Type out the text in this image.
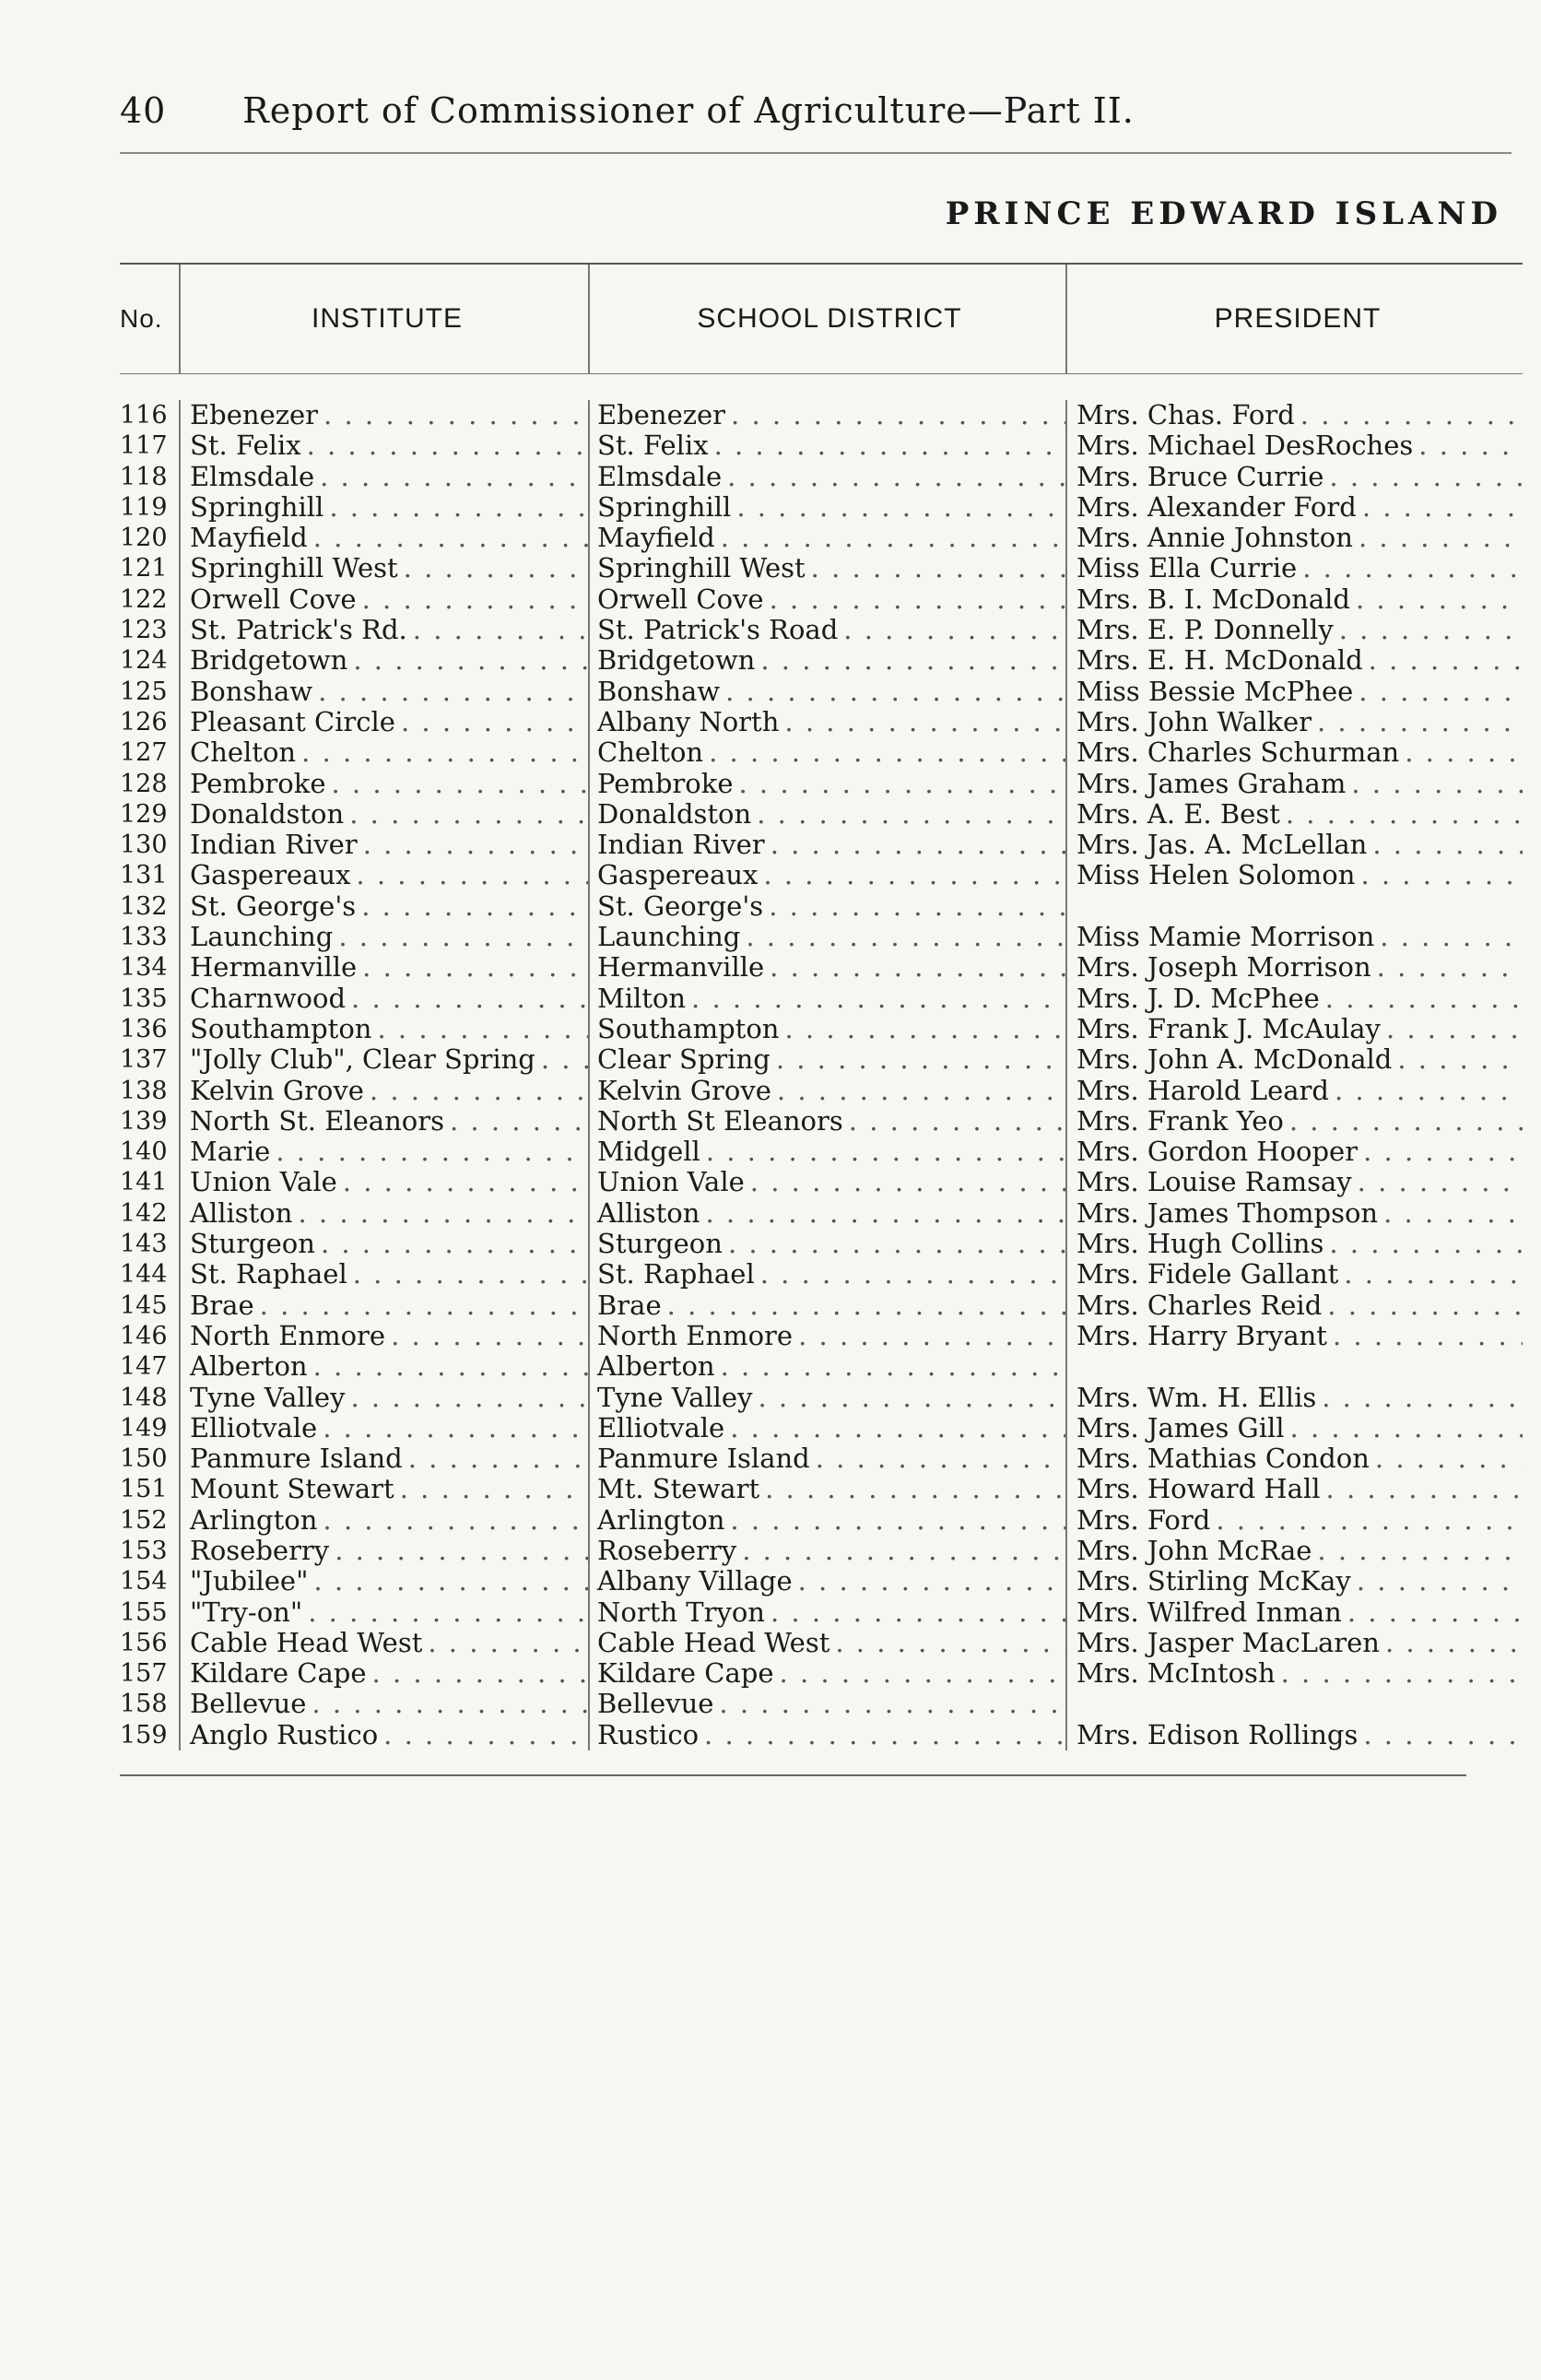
40 Report of Commissioner of Agriculture—Part II.
PRINCE EDWARD ISLAND
No.	INSTITUTE	SCHOOL DISTRICT	PRESIDENT
116 Ebenezer . . .	Ebenezer . . .	Mrs. Chas. Ford
. . .
117 St. Felix . . .	St. Felix . . .	Mrs. Michael DesRoches
. . .
118 Elmsdale . . .	Elmsdale . . .	Mrs. Bruce Currie
. . .
119 Springhill . . .	Springhill . . .	Mrs. Alexander Ford
. . .
120 Mayfield . . .	Mayfield . . .	Mrs. Annie Johnston
. . .
121 Springhill West . . .	Springhill West . . .	Miss Ella Currie
. . .
122 Orwell Cove . . .	Orwell Cove . . .	Mrs. B. I. McDonald
. . .
123 St. Patrick's Rd. . . .	St. Patrick's Road . . .	Mrs. E. P. Donnelly
. . .
124 Bridgetown . . .	Bridgetown . . .	Mrs. E. H. McDonald
. . .
125 Bonshaw . . .	Bonshaw . . .	Miss Bessie McPhee
. . .
126 Pleasant Circle . . .	Albany North . . .	Mrs. John Walker
. . .
127 Chelton . . .	Chelton . . .	Mrs. Charles Schurman
. . .
128 Pembroke . . .	Pembroke . . .	Mrs. James Graham
. . .
129 Donaldston . . .	Donaldston . . .	Mrs. A. E. Best
. . .
130 Indian River . . .	Indian River . . .	Mrs. Jas. A. McLellan
. . .
131 Gaspereaux . . .	Gaspereaux . . .	Miss Helen Solomon
. . .
132 St. George's . . .	St. George's
. . .
133 Launching . . .	Launching . . .	Miss Mamie Morrison
. . .
134 Hermanville . . .	Hermanville . . .	Mrs. Joseph Morrison
. . .
135 Charnwood . . .	Milton . . .	Mrs. J. D. McPhee
. . .
136 Southampton . . .	Southampton . . .	Mrs. Frank J. McAulay
. . .
137 "Jolly Club", Clear Spring . . . Clear Spring . . .	Mrs. John A. McDonald
. . .
138 Kelvin Grove . . .	Kelvin Grove . . .	Mrs. Harold Leard
. . .
139 North St. Eleanors . . .	North St Eleanors . . .	Mrs. Frank Yeo
. . .
140 Marie . . .	Midgell . . .	Mrs. Gordon Hooper
. . .
141 Union Vale . . .	Union Vale . . .	Mrs. Louise Ramsay
. . .
142 Alliston . . .	Alliston . . .	Mrs. James Thompson
. . .
143 Sturgeon . . .	Sturgeon . . .	Mrs. Hugh Collins
. . .
144 St. Raphael . . .	St. Raphael . . .	Mrs. Fidele Gallant
. . .
145 Brae . . .	Brae . . .	Mrs. Charles Reid
. . .
146 North Enmore . . .	North Enmore . . .	Mrs. Harry Bryant
. . .
147 Alberton . . .	Alberton
. . .
148 Tyne Valley . . .	Tyne Valley . . .	Mrs. Wm. H. Ellis
. . .
149 Elliotvale . . .	Elliotvale . . .	Mrs. James Gill
. . .
150 Panmure Island . . .	Panmure Island . . .	Mrs. Mathias Condon
. . .
151 Mount Stewart . . .	Mt. Stewart . . .	Mrs. Howard Hall
. . .
152 Arlington . . .	Arlington . . .	Mrs. Ford
. . .
153 Roseberry . . .	Roseberry . . .	Mrs. John McRae
. . .
154 "Jubilee" . . .	Albany Village . . .	Mrs. Stirling McKay
. . .
155 "Try-on" . . .	North Tryon . . .	Mrs. Wilfred Inman
. . .
156 Cable Head West . . .	Cable Head West . . .	Mrs. Jasper MacLaren
. . .
157 Kildare Cape . . .	Kildare Cape . . .	Mrs. McIntosh
. . .
158 Bellevue . . .	Bellevue
. . .
159 Anglo Rustico . . .	Rustico . . .	Mrs. Edison Rollings
. . .
